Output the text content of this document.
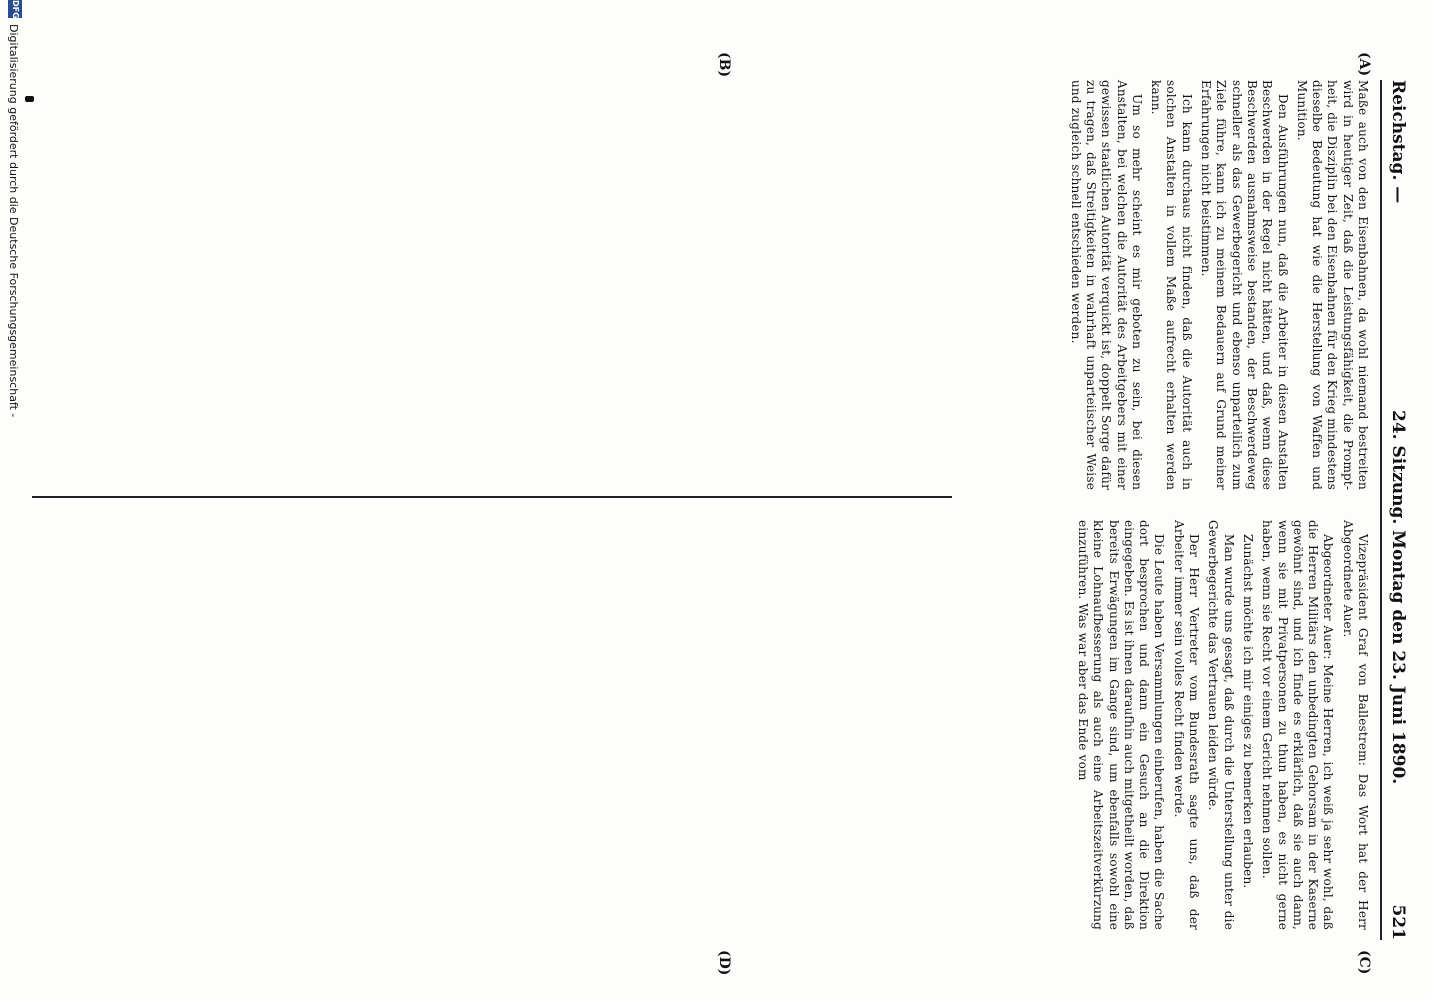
Reichstag. —
24. Sitzung. Montag den 23. Juni 1890.
521
(A)
(B)
(C)
(D)

Maße auch von den Eisenbahnen, da wohl niemand bestreiten wird in heutiger Zeit, daß die Leistungsfähigkeit, die Promptheit, die Disziplin bei den Eisenbahnen für den Krieg mindestens dieselbe Bedeutung hat wie die Herstellung von Waffen und Munition.

Den Ausführungen nun, daß die Arbeiter in diesen Anstalten Beschwerden in der Regel nicht hätten, und daß, wenn diese Beschwerden ausnahmsweise bestanden, der Beschwerdeweg schneller als das Gewerbegericht und ebenso unparteilich zum Ziele führe, kann ich zu meinem Bedauern auf Grund meiner Erfahrungen nicht beistimmen.

Ich kann durchaus nicht finden, daß die Autorität auch in solchen Anstalten in vollem Maße aufrecht erhalten werden kann.

Um so mehr scheint es mir geboten zu sein, bei diesen Anstalten, bei welchen die Autorität des Arbeitgebers mit einer gewissen staatlichen Autorität verquickt ist, doppelt Sorge dafür zu tragen, daß Streitigkeiten in wahrhaft unparteiischer Weise und zugleich schnell entschieden werden.

Vizepräsident Graf von Ballestrem: Das Wort hat der Herr Abgeordnete Auer.

Abgeordneter Auer: Meine Herren, ich weiß ja sehr wohl, daß die Herren Militärs den unbedingten Gehorsam in der Kaserne gewöhnt sind, und ich finde es erklärlich, daß sie auch dann, wenn sie mit Privatpersonen zu thun haben, es nicht gerne haben, wenn sie Recht vor einem Gericht nehmen sollen.

Zunächst möchte ich mir einiges zu bemerken erlauben.

Man wurde uns gesagt, daß durch die Unterstellung unter die Gewerbegerichte das Vertrauen leiden würde.

Der Herr Vertreter vom Bundesrath sagte uns, daß der Arbeiter immer sein volles Recht finden werde.

Die Leute haben Versammlungen einberufen, haben die Sache dort besprochen und dann ein Gesuch an die Direktion eingegeben. Es ist ihnen daraufhin auch mitgetheilt worden, daß bereits Erwägungen im Gange sind, um ebenfalls sowohl eine kleine Lohnaufbesserung als auch eine Arbeitszeitverkürzung einzuführen. Was war aber das Ende vom

DFG
Digitalisierung gefördert durch die Deutsche Forschungsgemeinschaft -
